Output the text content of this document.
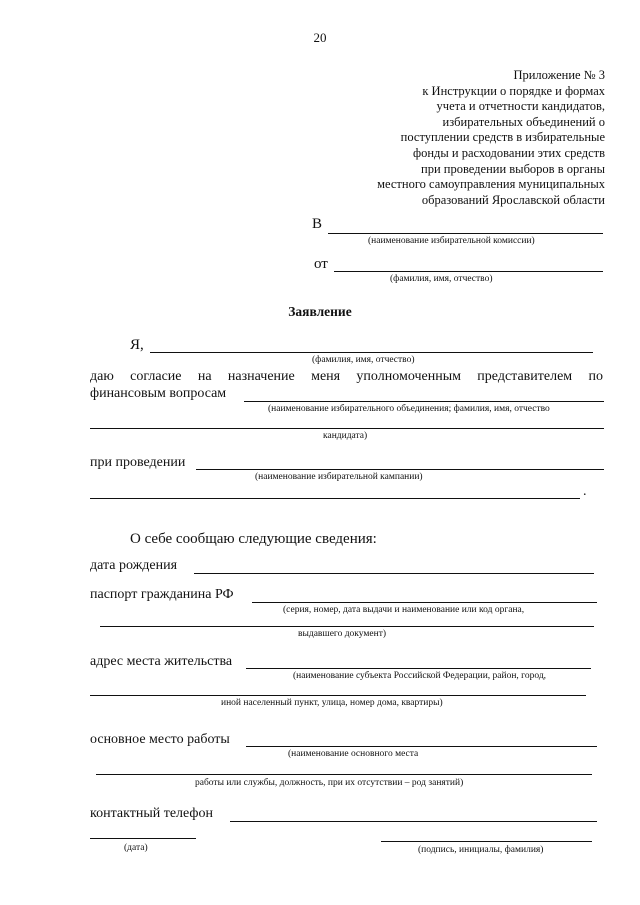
20
Приложение № 3
к Инструкции о порядке и формах
учета и отчетности кандидатов,
избирательных объединений о
поступлении средств в избирательные
фонды и расходовании этих средств
при проведении выборов в органы
местного самоуправления муниципальных
образований Ярославской области
В
(наименование избирательной комиссии)
от
(фамилия, имя, отчество)
Заявление
Я,
(фамилия, имя, отчество)
даю согласие на назначение меня уполномоченным представителем по
финансовым вопросам
(наименование избирательного объединения; фамилия, имя, отчество
кандидата)
при проведении
(наименование избирательной кампании)
.
О себе сообщаю следующие сведения:
дата рождения
паспорт гражданина РФ
(серия, номер, дата выдачи и наименование или код органа,
выдавшего документ)
адрес места жительства
(наименование субъекта Российской Федерации, район, город,
иной населенный пункт, улица, номер дома, квартиры)
основное место работы
(наименование основного места
работы или службы, должность, при их отсутствии – род занятий)
контактный телефон
(дата)	(подпись, инициалы, фамилия)
